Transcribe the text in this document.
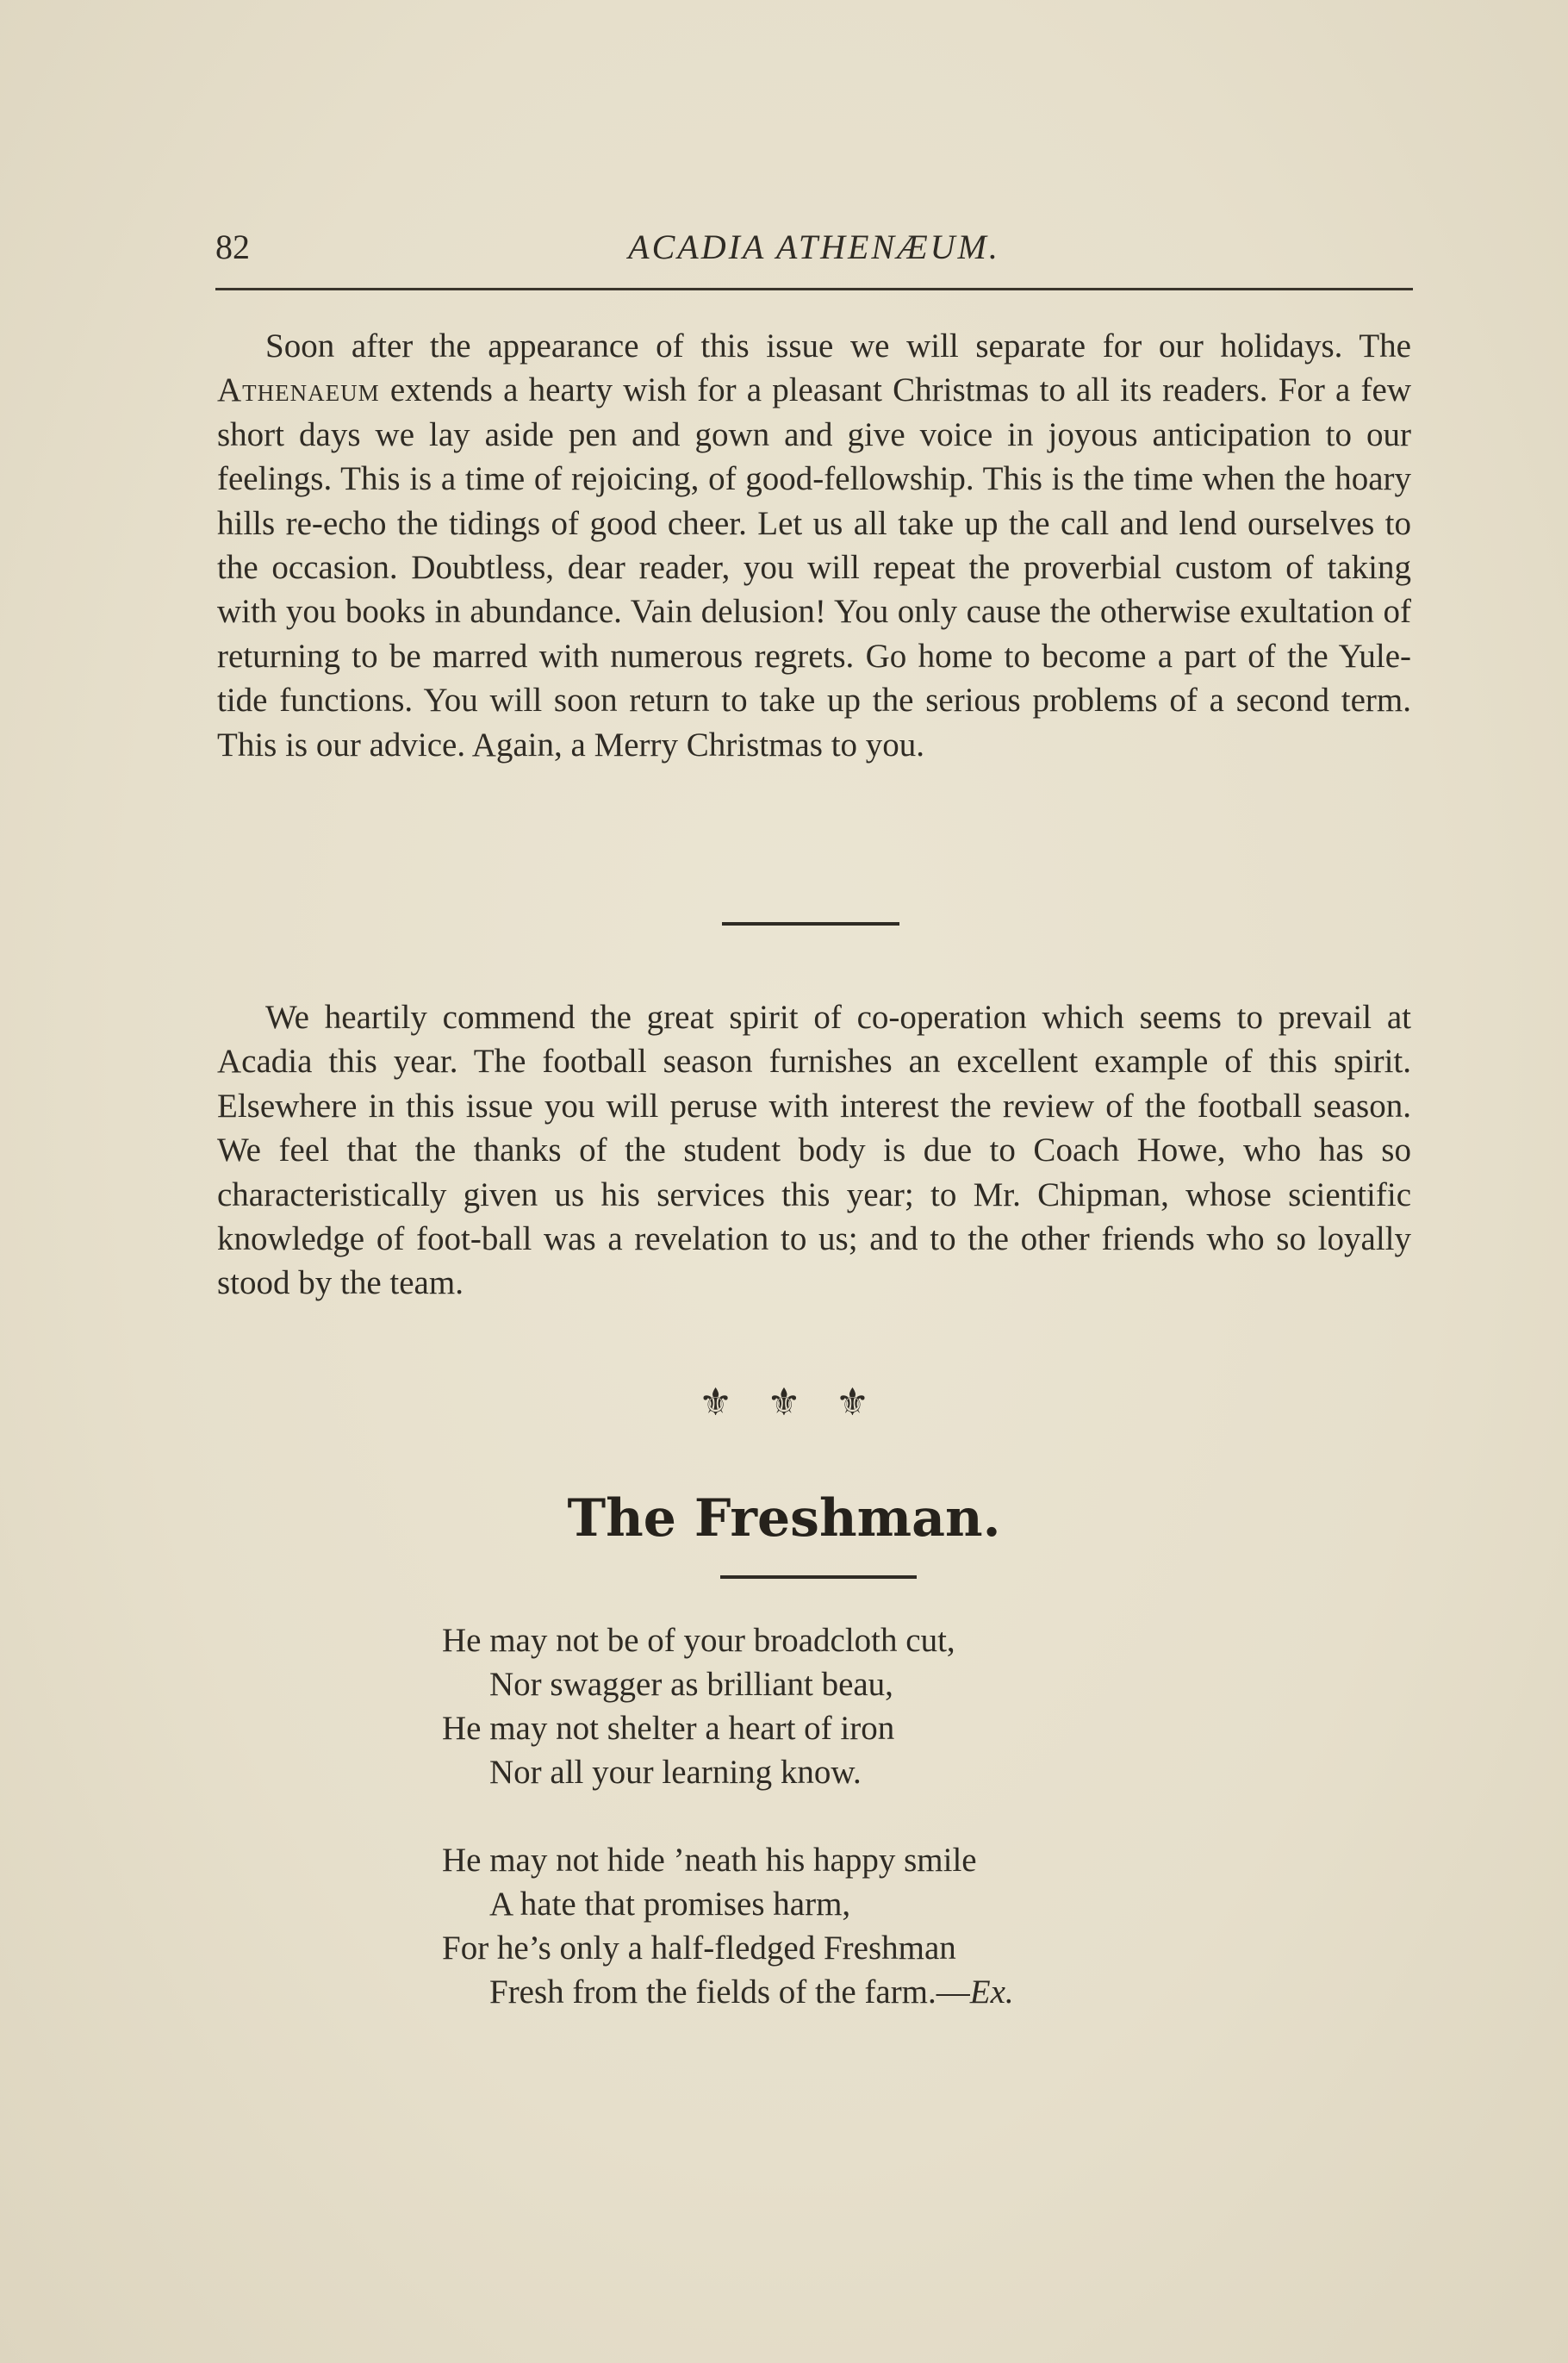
82	ACADIA ATHENÆUM.

Soon after the appearance of this issue we will separate for our holidays. The Athenaeum extends a hearty wish for a pleasant Christmas to all its readers. For a few short days we lay aside pen and gown and give voice in joyous anticipation to our feelings. This is a time of rejoicing, of good-fellowship. This is the time when the hoary hills re-echo the tidings of good cheer. Let us all take up the call and lend ourselves to the occasion. Doubtless, dear reader, you will repeat the proverbial custom of taking with you books in abundance. Vain delusion! You only cause the otherwise exultation of returning to be marred with numerous regrets. Go home to become a part of the Yule-tide functions. You will soon return to take up the serious problems of a second term. This is our advice. Again, a Merry Christmas to you.

We heartily commend the great spirit of co-operation which seems to prevail at Acadia this year. The football season furnishes an excellent example of this spirit. Elsewhere in this issue you will peruse with interest the review of the football season. We feel that the thanks of the student body is due to Coach Howe, who has so characteristically given us his services this year; to Mr. Chipman, whose scientific knowledge of foot-ball was a revelation to us; and to the other friends who so loyally stood by the team.

⚜⚜⚜
The Freshman.
He may not be of your broadcloth cut,
Nor swagger as brilliant beau,
He may not shelter a heart of iron
Nor all your learning know.
He may not hide ’neath his happy smile
A hate that promises harm,
For he’s only a half-fledged Freshman
Fresh from the fields of the farm.—Ex.
